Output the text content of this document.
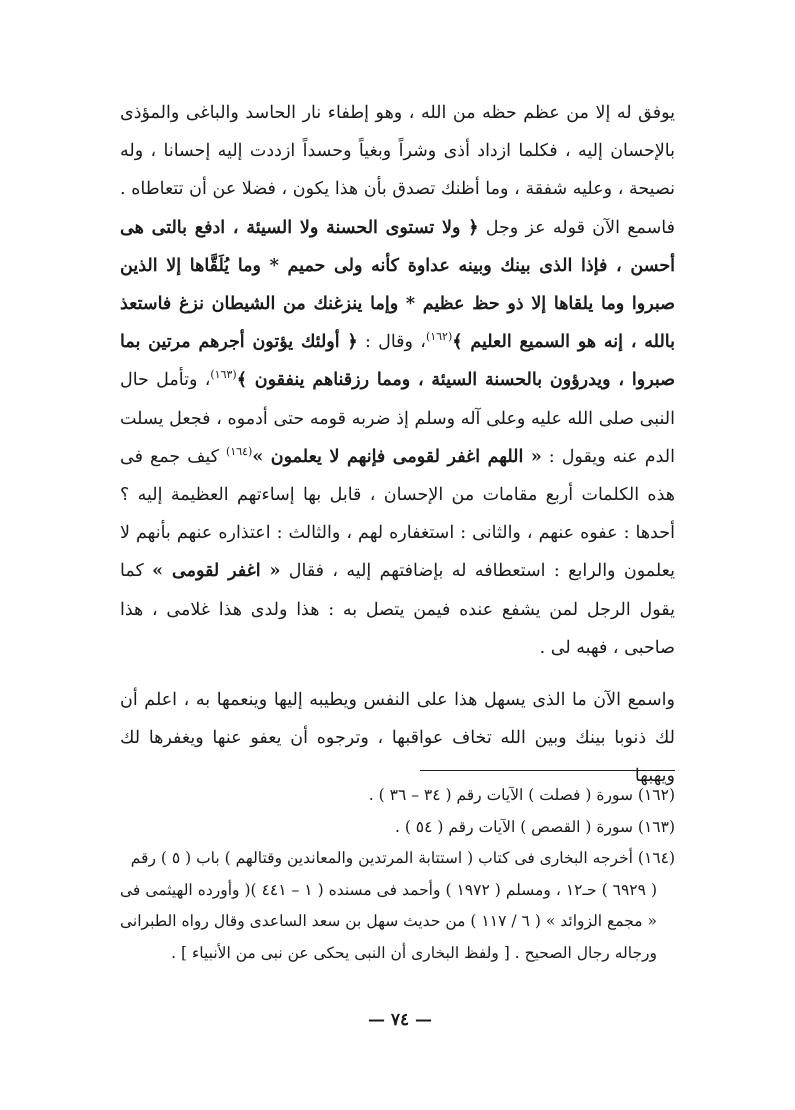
يوفق له إلا من عظم حظه من الله ، وهو إطفاء نار الحاسد والباغى والمؤذى بالإحسان إليه ، فكلما ازداد أذى وشراً وبغياً وحسداً ازددت إليه إحسانا ، وله نصيحة ، وعليه شفقة ، وما أظنك تصدق بأن هذا يكون ، فضلا عن أن تتعاطاه . فاسمع الآن قوله عز وجل ﴿ ولا تستوى الحسنة ولا السيئة ، ادفع بالتى هى أحسن ، فإذا الذى بينك وبينه عداوة كأنه ولى حميم * وما يُلَقَّاها إلا الذين صبروا وما يلقاها إلا ذو حظ عظيم * وإما ينزغنك من الشيطان نزغ فاستعذ بالله ، إنه هو السميع العليم ﴾$^{(١٦٢)}$، وقال : ﴿ أولئك يؤتون أجرهم مرتين بما صبروا ، ويدرؤون بالحسنة السيئة ، ومما رزقناهم ينفقون ﴾$^{(١٦٣)}$، وتأمل حال النبى صلى الله عليه وعلى آله وسلم إذ ضربه قومه حتى أدموه ، فجعل يسلت الدم عنه ويقول : « اللهم اغفر لقومى فإنهم لا يعلمون »$^{(١٦٤)}$ كيف جمع فى هذه الكلمات أربع مقامات من الإحسان ، قابل بها إساءتهم العظيمة إليه ؟ أحدها : عفوه عنهم ، والثانى : استغفاره لهم ، والثالث : اعتذاره عنهم بأنهم لا يعلمون والرابع : استعطافه له بإضافتهم إليه ، فقال « اغفر لقومى » كما يقول الرجل لمن يشفع عنده فيمن يتصل به : هذا ولدى هذا غلامى ، هذا صاحبى ، فهبه لى .

واسمع الآن ما الذى يسهل هذا على النفس ويطيبه إليها وينعمها به ، اعلم أن لك ذنوبا بينك وبين الله تخاف عواقبها ، وترجوه أن يعفو عنها ويغفرها لك ويهبها

(١٦٢) سورة ( فصلت ) الآيات رقم ( ٣٤ – ٣٦ ) .

(١٦٣) سورة ( القصص ) الآيات رقم ( ٥٤ ) .

(١٦٤) أخرجه البخارى فى كتاب ( استتابة المرتدين والمعاندين وقتالهم ) باب ( ٥ ) رقم

( ٦٩٢٩ ) حـ١٢ ، ومسلم ( ١٩٧٢ ) وأحمد فى مسنده ( ١ – ٤٤١ )( وأورده الهيثمى فى « مجمع الزوائد » ( ٦ / ١١٧ ) من حديث سهل بن سعد الساعدى وقال رواه الطبرانى ورجاله رجال الصحيح . [ ولفظ البخارى أن النبى يحكى عن نبى من الأنبياء ] .

— ٧٤ —
